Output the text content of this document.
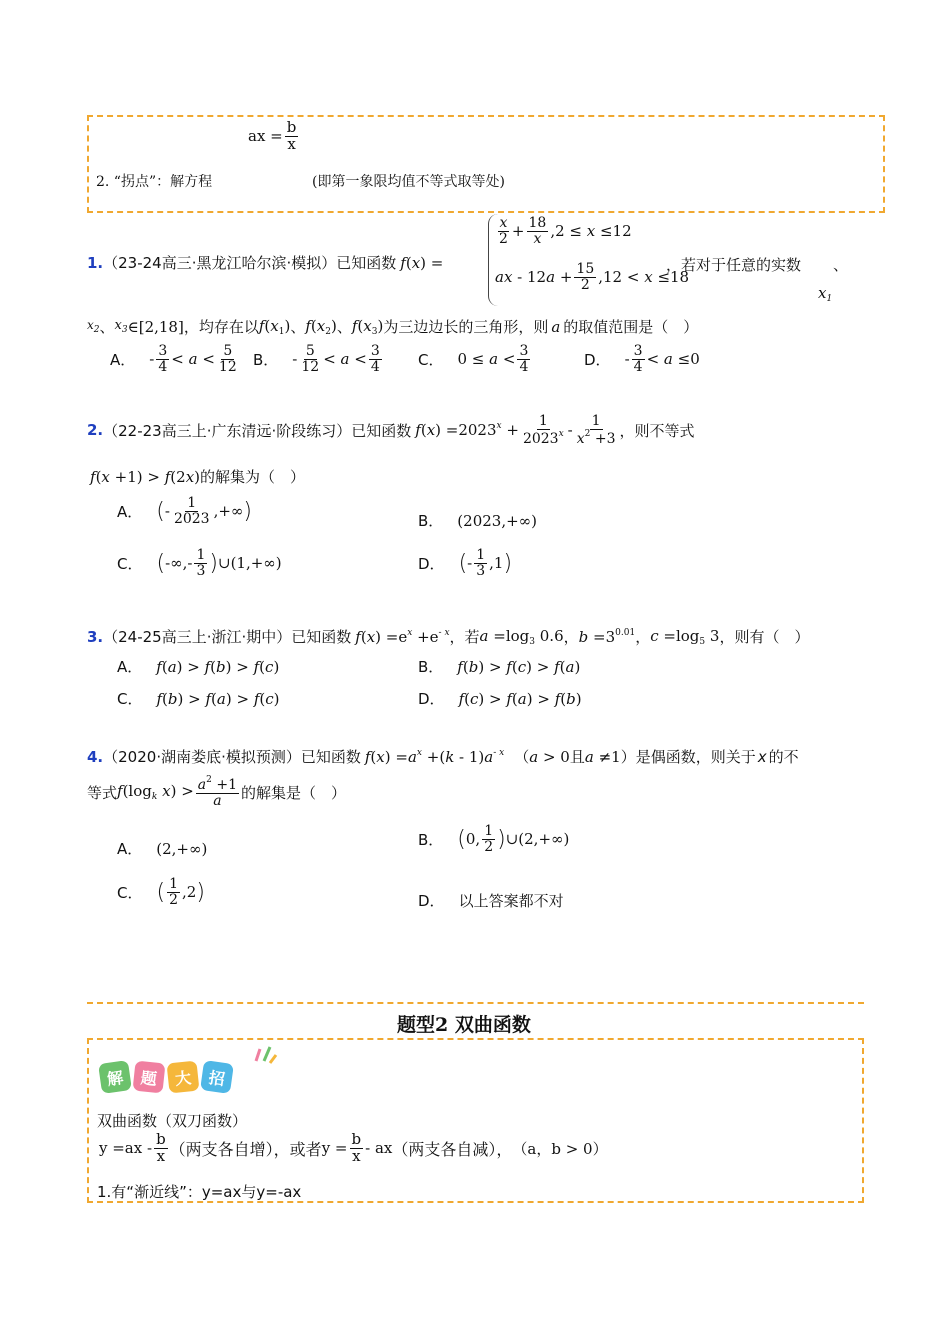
ax = $\frac{b}{x}$
2. “拐点”：解方程	(即第一象限均值不等式取等处)
1. （23-24高三·黑龙江哈尔滨·模拟）已知函数 f ( x ) =
$\frac{x}{2} + \frac{18}{x} ,2 \le x \le 12$
ax - $12a + \frac{15}{2} ,12 < x \le 18$
，若对于任意的实数 、
$x_1$
$x_2$ 、 $x_3$ ∈[2,18] ，均存在以 $f(x_1)$ 、 $f(x_2)$ 、 $f(x_3)$ 为三边边长的三角形，则 a 的取值范围是（　）
A． - $\frac{3}{4} < a < \frac{5}{12}$ B． - $\frac{5}{12} < a < \frac{3}{4}$ C． $0 \le a < \frac{3}{4}$	D． - $\frac{3}{4} < a \le 0$
2. （22-23高三上·广东清远·阶段练习）已知函数 $f(x) =2023^x + \frac{1}{2023^x} - \frac{1}{x^2 +3}$ ，则不等式
f(x +1) > f(2x) 的解集为（　）
A． ( - $\frac{1}{2023}$ ,+∞ )	B． (2023,+∞)
C． ( -∞,- $\frac{1}{3}$ ) ∪(1,+∞)	D． ( - $\frac{1}{3} ,1$ )
3. （24-25高三上·浙江·期中）已知函数 $f(x) =e^x +e^{- x}$ ，若 $a =\log_3$ 0.6 ， $b =3^{0.01}$ ， $c =\log_5$ 3 ，则有（　）
A． f(a) > f(b) > f(c)	B． f(b) > f(c) > f(a)
C． f(b) > f(a) > f(c)	D． f(c) > f(a) > f(b)
4. （2020·湖南娄底·模拟预测）已知函数 $f(x) =a^x +(k - 1)a^{- x}$ （ a > 0 且 a ≠1 ） 是偶函数，则关于 x 的不
等式 $f(\log_k$ $x) > \frac{a^2 +1}{a}$ 的解集是（　）
A． (2,+∞)	B． ( 0, $\frac{1}{2}$ ) ∪(2,+∞)
C． ( $\frac{1}{2} ,2$ )	D． 以上答案都不对
题型2 双曲函数
解 题	大 招
双曲函数（双刀函数）
$y =ax - \frac{b}{x}$ （两支各自增），或者 $y = \frac{b}{x}$ - ax （两支各自减）， （a，b > 0）
1.有“渐近线”：y=ax与y=-ax
